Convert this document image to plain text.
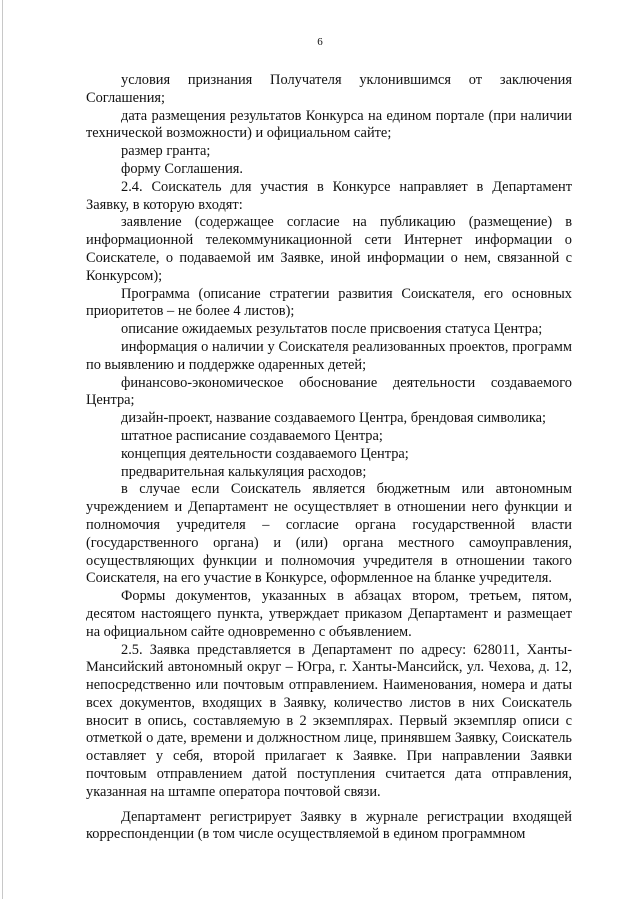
6

условия признания Получателя уклонившимся от заключения Соглашения;

дата размещения результатов Конкурса на едином портале (при наличии технической возможности) и официальном сайте;

размер гранта;

форму Соглашения.

2.4. Соискатель для участия в Конкурсе направляет в Департамент Заявку, в которую входят:

заявление (содержащее согласие на публикацию (размещение) в информационной телекоммуникационной сети Интернет информации о Соискателе, о подаваемой им Заявке, иной информации о нем, связанной с Конкурсом);

Программа (описание стратегии развития Соискателя, его основных приоритетов – не более 4 листов);

описание ожидаемых результатов после присвоения статуса Центра;

информация о наличии у Соискателя реализованных проектов, программ по выявлению и поддержке одаренных детей;

финансово-экономическое обоснование деятельности создаваемого Центра;

дизайн-проект, название создаваемого Центра, брендовая символика;

штатное расписание создаваемого Центра;

концепция деятельности создаваемого Центра;

предварительная калькуляция расходов;

в случае если Соискатель является бюджетным или автономным учреждением и Департамент не осуществляет в отношении него функции и полномочия учредителя – согласие органа государственной власти (государственного органа) и (или) органа местного самоуправления, осуществляющих функции и полномочия учредителя в отношении такого Соискателя, на его участие в Конкурсе, оформленное на бланке учредителя.

Формы документов, указанных в абзацах втором, третьем, пятом, десятом настоящего пункта, утверждает приказом Департамент и размещает на официальном сайте одновременно с объявлением.

2.5. Заявка представляется в Департамент по адресу: 628011, Ханты-Мансийский автономный округ – Югра, г. Ханты-Мансийск, ул. Чехова, д. 12, непосредственно или почтовым отправлением. Наименования, номера и даты всех документов, входящих в Заявку, количество листов в них Соискатель вносит в опись, составляемую в 2 экземплярах. Первый экземпляр описи с отметкой о дате, времени и должностном лице, принявшем Заявку, Соискатель оставляет у себя, второй прилагает к Заявке. При направлении Заявки почтовым отправлением датой поступления считается дата отправления, указанная на штампе оператора почтовой связи.

Департамент регистрирует Заявку в журнале регистрации входящей корреспонденции (в том числе осуществляемой в едином программном
